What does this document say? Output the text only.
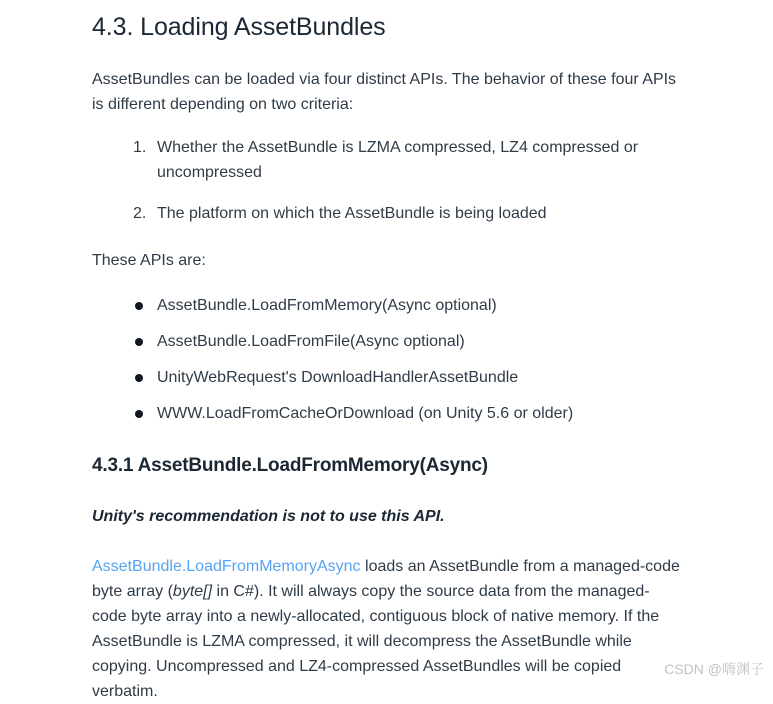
4.3. Loading AssetBundles

AssetBundles can be loaded via four distinct APIs. The behavior of these four APIs is different depending on two criteria:

1. Whether the AssetBundle is LZMA compressed, LZ4 compressed or uncompressed
2. The platform on which the AssetBundle is being loaded

These APIs are:

AssetBundle.LoadFromMemory(Async optional)
AssetBundle.LoadFromFile(Async optional)
UnityWebRequest's DownloadHandlerAssetBundle
WWW.LoadFromCacheOrDownload (on Unity 5.6 or older)
4.3.1 AssetBundle.LoadFromMemory(Async)

Unity's recommendation is not to use this API.

AssetBundle.LoadFromMemoryAsync loads an AssetBundle from a managed-code byte array (byte[] in C#). It will always copy the source data from the managed-code byte array into a newly-allocated, contiguous block of native memory. If the AssetBundle is LZMA compressed, it will decompress the AssetBundle while copying. Uncompressed and LZ4-compressed AssetBundles will be copied verbatim.

CSDN @嗨渊子
